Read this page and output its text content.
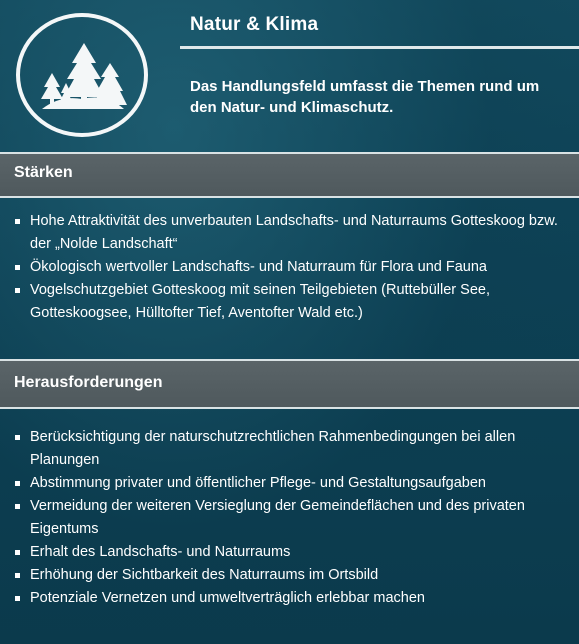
Natur & Klima
Das Handlungsfeld umfasst die Themen rund um den Natur- und Klimaschutz.
Stärken
Hohe Attraktivität des unverbauten Landschafts- und Naturraums Gotteskoog bzw. der „Nolde Landschaft“
Ökologisch wertvoller Landschafts- und Naturraum für Flora und Fauna
Vogelschutzgebiet Gotteskoog mit seinen Teilgebieten (Ruttebüller See, Gotteskoogsee, Hülltofter Tief, Aventofter Wald etc.)
Herausforderungen
Berücksichtigung der naturschutzrechtlichen Rahmenbedingungen bei allen Planungen
Abstimmung privater und öffentlicher Pflege- und Gestaltungsaufgaben
Vermeidung der weiteren Versieglung der Gemeindeflächen und des privaten Eigentums
Erhalt des Landschafts- und Naturraums
Erhöhung der Sichtbarkeit des Naturraums im Ortsbild
Potenziale Vernetzen und umweltverträglich erlebbar machen
